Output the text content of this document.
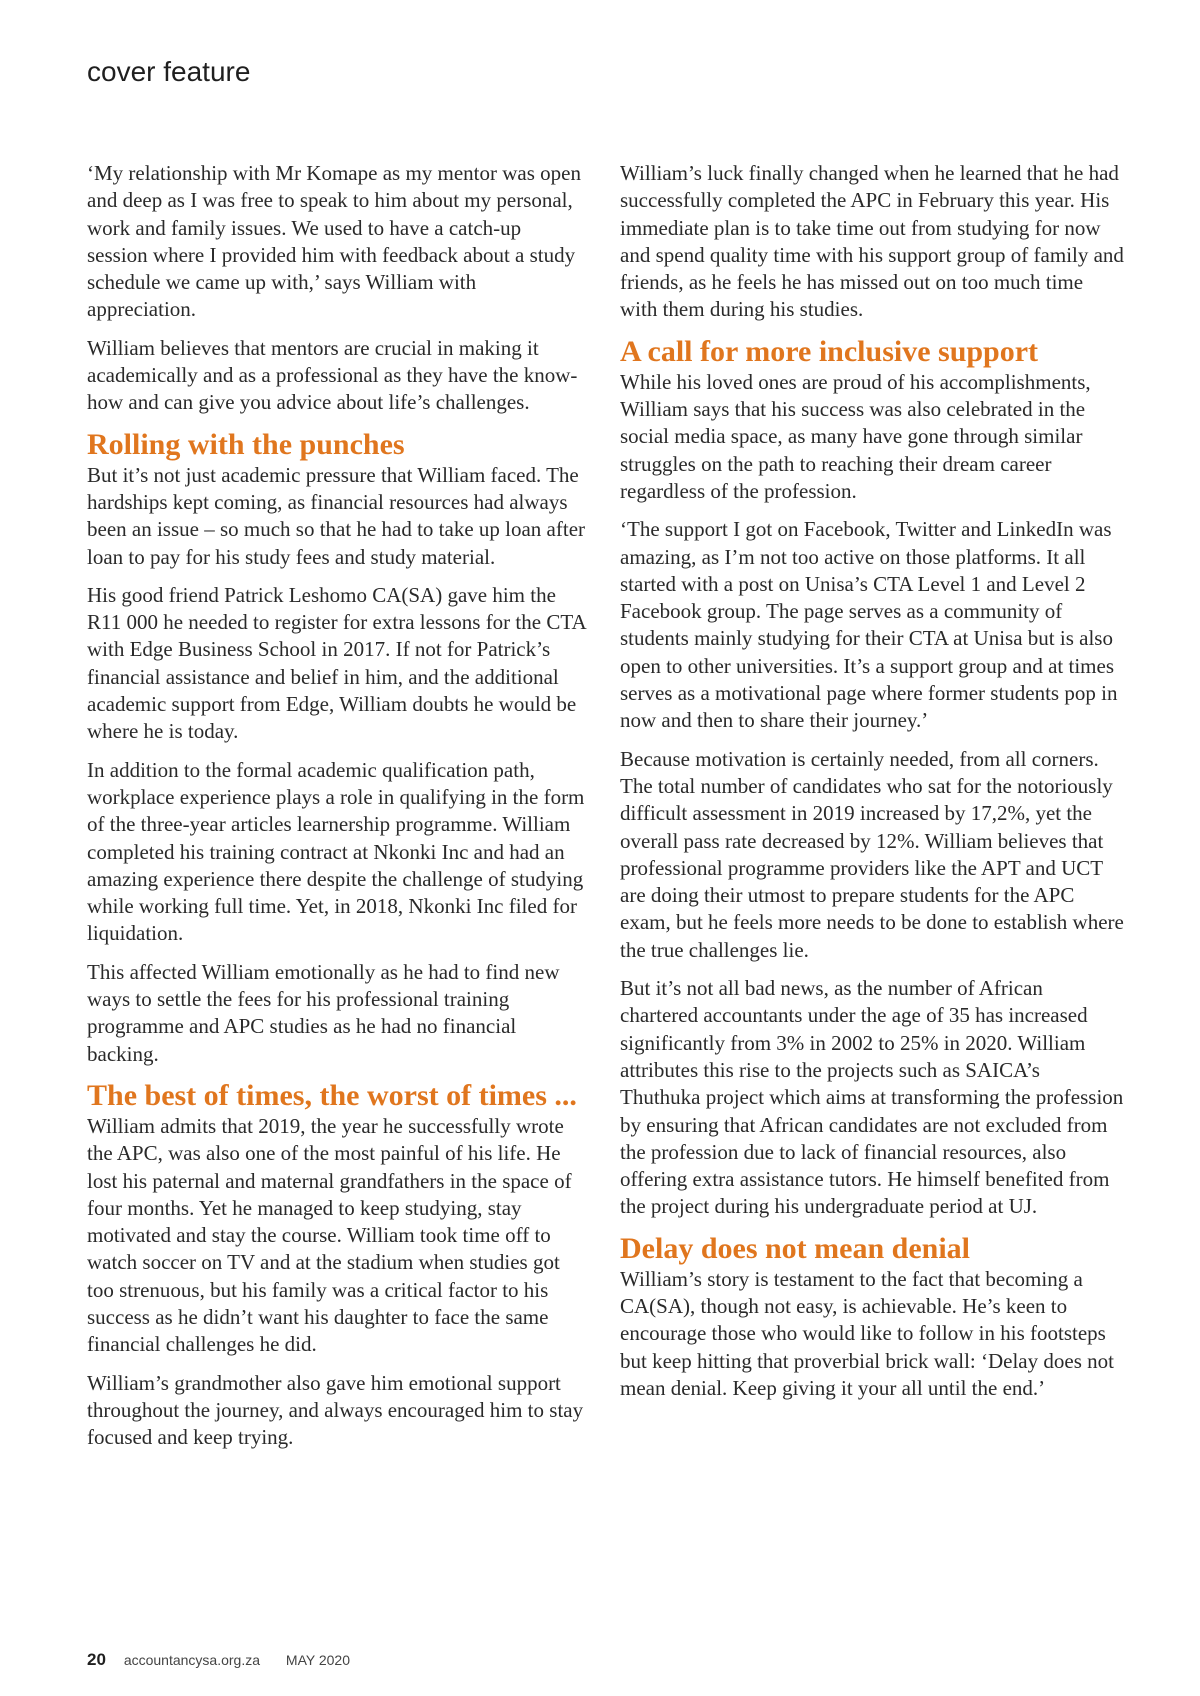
cover feature

‘My relationship with Mr Komape as my mentor was open and deep as I was free to speak to him about my personal, work and family issues. We used to have a catch-up session where I provided him with feedback about a study schedule we came up with,’ says William with appreciation.

William believes that mentors are crucial in making it academically and as a professional as they have the know-how and can give you advice about life’s challenges.

Rolling with the punches

But it’s not just academic pressure that William faced. The hardships kept coming, as financial resources had always been an issue – so much so that he had to take up loan after loan to pay for his study fees and study material.

His good friend Patrick Leshomo CA(SA) gave him the R11 000 he needed to register for extra lessons for the CTA with Edge Business School in 2017. If not for Patrick’s financial assistance and belief in him, and the additional academic support from Edge, William doubts he would be where he is today.

In addition to the formal academic qualification path, workplace experience plays a role in qualifying in the form of the three-year articles learnership programme. William completed his training contract at Nkonki Inc and had an amazing experience there despite the challenge of studying while working full time. Yet, in 2018, Nkonki Inc filed for liquidation.

This affected William emotionally as he had to find new ways to settle the fees for his professional training programme and APC studies as he had no financial backing.

The best of times, the worst of times ...

William admits that 2019, the year he successfully wrote the APC, was also one of the most painful of his life. He lost his paternal and maternal grandfathers in the space of four months. Yet he managed to keep studying, stay motivated and stay the course. William took time off to watch soccer on TV and at the stadium when studies got too strenuous, but his family was a critical factor to his success as he didn’t want his daughter to face the same financial challenges he did.

William’s grandmother also gave him emotional support throughout the journey, and always encouraged him to stay focused and keep trying.

William’s luck finally changed when he learned that he had successfully completed the APC in February this year. His immediate plan is to take time out from studying for now and spend quality time with his support group of family and friends, as he feels he has missed out on too much time with them during his studies.

A call for more inclusive support

While his loved ones are proud of his accomplishments, William says that his success was also celebrated in the social media space, as many have gone through similar struggles on the path to reaching their dream career regardless of the profession.

‘The support I got on Facebook, Twitter and LinkedIn was amazing, as I’m not too active on those platforms. It all started with a post on Unisa’s CTA Level 1 and Level 2 Facebook group. The page serves as a community of students mainly studying for their CTA at Unisa but is also open to other universities. It’s a support group and at times serves as a motivational page where former students pop in now and then to share their journey.’

Because motivation is certainly needed, from all corners. The total number of candidates who sat for the notoriously difficult assessment in 2019 increased by 17,2%, yet the overall pass rate decreased by 12%. William believes that professional programme providers like the APT and UCT are doing their utmost to prepare students for the APC exam, but he feels more needs to be done to establish where the true challenges lie.

But it’s not all bad news, as the number of African chartered accountants under the age of 35 has increased significantly from 3% in 2002 to 25% in 2020. William attributes this rise to the projects such as SAICA’s Thuthuka project which aims at transforming the profession by ensuring that African candidates are not excluded from the profession due to lack of financial resources, also offering extra assistance tutors. He himself benefited from the project during his undergraduate period at UJ.

Delay does not mean denial

William’s story is testament to the fact that becoming a CA(SA), though not easy, is achievable. He’s keen to encourage those who would like to follow in his footsteps but keep hitting that proverbial brick wall: ‘Delay does not mean denial. Keep giving it your all until the end.’

20 accountancysa.org.za MAY 2020
